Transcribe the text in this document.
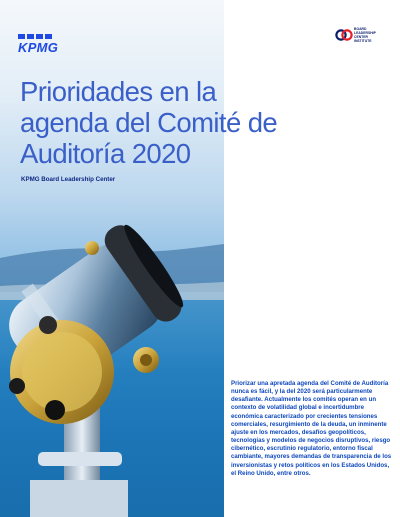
KPMG
Prioridades en la agenda del Comité de Auditoría 2020

KPMG Board Leadership Center

BOARD
LEADERSHIP
CENTER
INSTITUTE

Priorizar una apretada agenda del Comité de Auditoría nunca es fácil, y la del 2020 será particularmente desafiante. Actualmente los comités operan en un contexto de volatilidad global e incertidumbre económica caracterizado por crecientes tensiones comerciales, resurgimiento de la deuda, un inminente ajuste en los mercados, desafíos geopolíticos, tecnologías y modelos de negocios disruptivos, riesgo cibernético, escrutinio regulatorio, entorno fiscal cambiante, mayores demandas de transparencia de los inversionistas y retos políticos en los Estados Unidos, el Reino Unido, entre otros.
